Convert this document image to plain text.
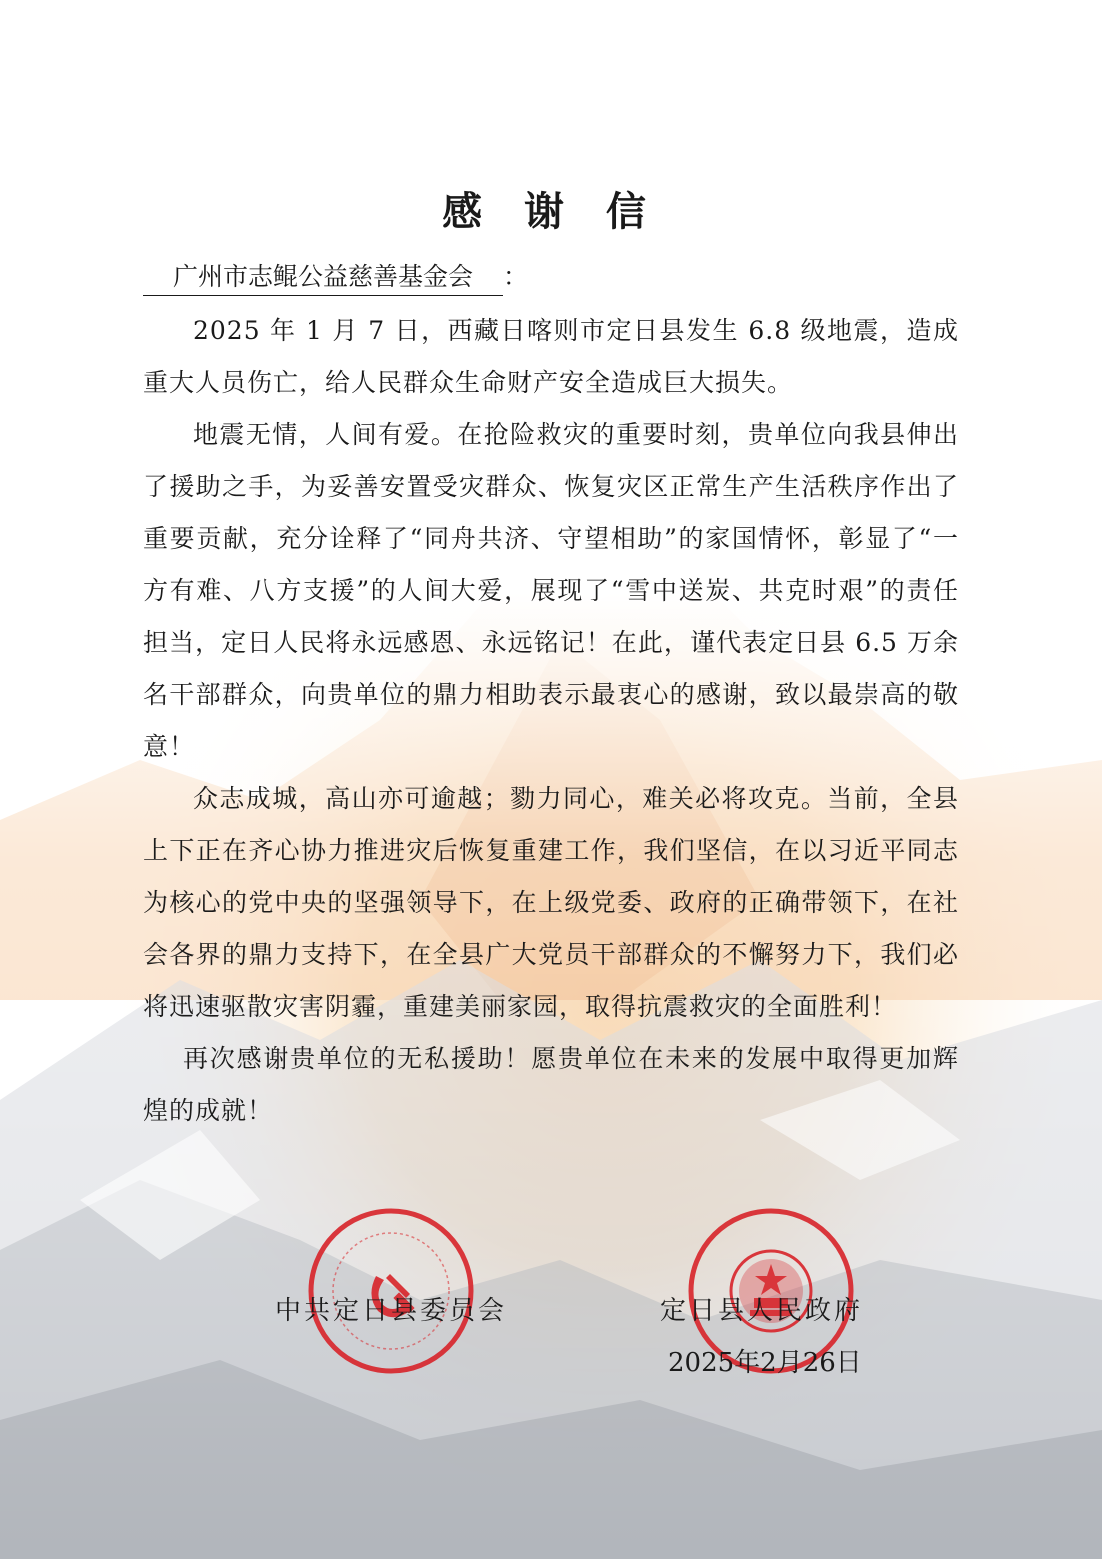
感 谢 信
广州市志鲲公益慈善基金会 ：

2025 年 1 月 7 日，西藏日喀则市定日县发生 6.8 级地震，造成重大人员伤亡，给人民群众生命财产安全造成巨大损失。

地震无情，人间有爱。在抢险救灾的重要时刻，贵单位向我县伸出了援助之手，为妥善安置受灾群众、恢复灾区正常生产生活秩序作出了重要贡献，充分诠释了“同舟共济、守望相助”的家国情怀，彰显了“一方有难、八方支援”的人间大爱，展现了“雪中送炭、共克时艰”的责任担当，定日人民将永远感恩、永远铭记！在此，谨代表定日县 6.5 万余名干部群众，向贵单位的鼎力相助表示最衷心的感谢，致以最崇高的敬意！

众志成城，高山亦可逾越；勠力同心，难关必将攻克。当前，全县上下正在齐心协力推进灾后恢复重建工作，我们坚信，在以习近平同志为核心的党中央的坚强领导下，在上级党委、政府的正确带领下，在社会各界的鼎力支持下，在全县广大党员干部群众的不懈努力下，我们必将迅速驱散灾害阴霾，重建美丽家园，取得抗震救灾的全面胜利！

再次感谢贵单位的无私援助！愿贵单位在未来的发展中取得更加辉煌的成就！

中共定日县委员会	定日县人民政府
2025年2月26日
